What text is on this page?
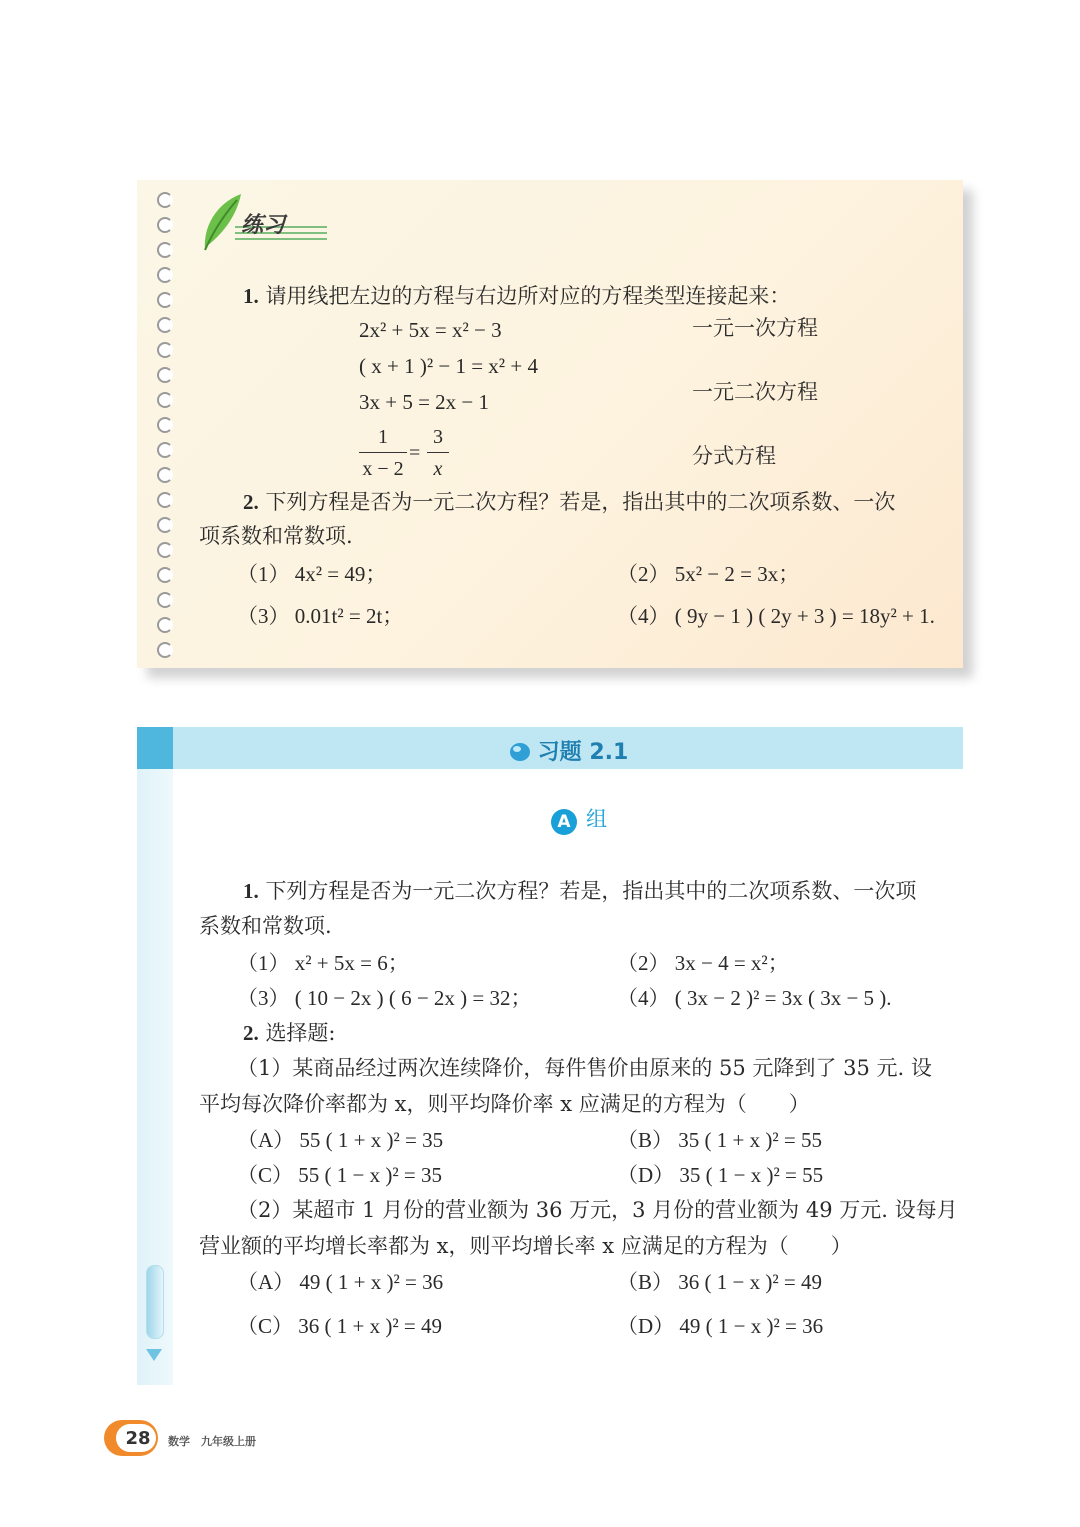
练习
1. 请用线把左边的方程与右边所对应的方程类型连接起来：
2x² + 5x = x² − 3
( x + 1 )² − 1 = x² + 4
3x + 5 = 2x − 1
1
x − 2
=
3
x
一元一次方程
一元二次方程
分式方程
2. 下列方程是否为一元二次方程？若是，指出其中的二次项系数、一次
项系数和常数项.
（1） 4x² = 49；	（2） 5x² − 2 = 3x；
（3） 0.01t² = 2t；	（4） ( 9y − 1 ) ( 2y + 3 ) = 18y² + 1.
习题 2.1
A 组
1. 下列方程是否为一元二次方程？若是，指出其中的二次项系数、一次项
系数和常数项.
（1） x² + 5x = 6；	（2） 3x − 4 = x²；
（3） ( 10 − 2x ) ( 6 − 2x ) = 32；	（4） ( 3x − 2 )² = 3x ( 3x − 5 ).
2. 选择题:
（1）某商品经过两次连续降价，每件售价由原来的 55 元降到了 35 元. 设
平均每次降价率都为 x，则平均降价率 x 应满足的方程为（　　）
（A） 55 ( 1 + x )² = 35	（B） 35 ( 1 + x )² = 55
（C） 55 ( 1 − x )² = 35	（D） 35 ( 1 − x )² = 55
（2）某超市 1 月份的营业额为 36 万元，3 月份的营业额为 49 万元. 设每月
营业额的平均增长率都为 x，则平均增长率 x 应满足的方程为（　　）
（A） 49 ( 1 + x )² = 36	（B） 36 ( 1 − x )² = 49
（C） 36 ( 1 + x )² = 49	（D） 49 ( 1 − x )² = 36
28	数学　九年级上册
